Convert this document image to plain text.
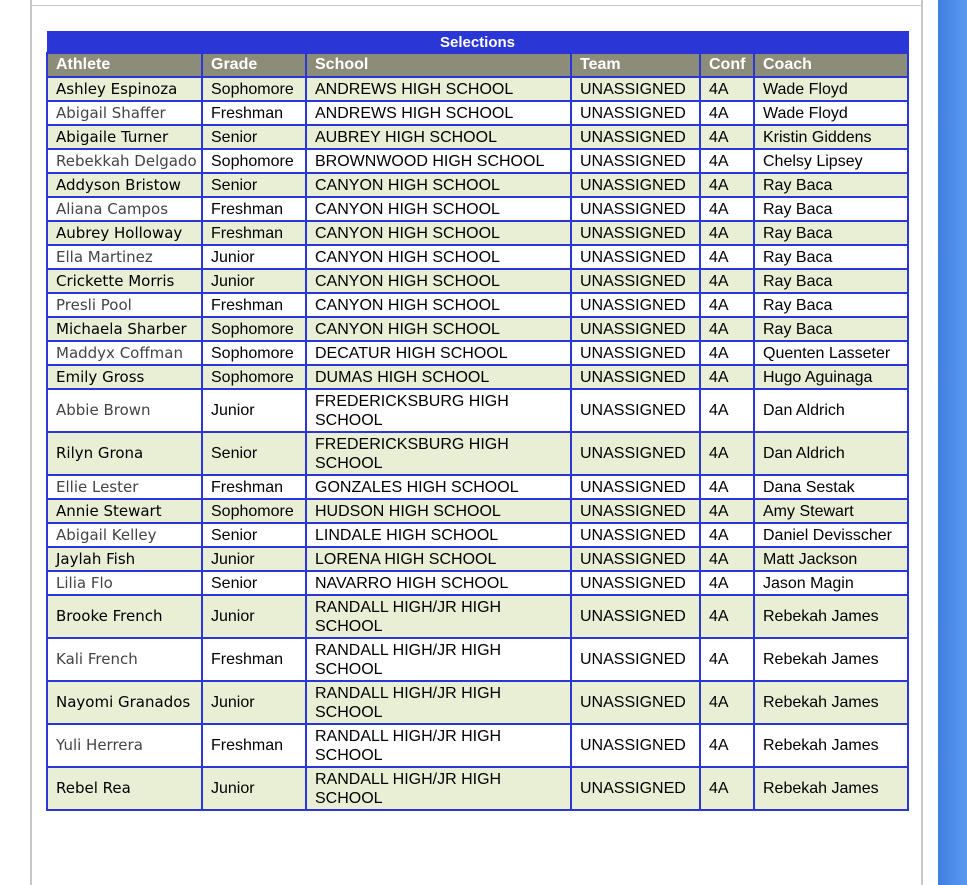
Selections					
Athlete	Grade	School	Team	Conf	Coach
Ashley Espinoza	Sophomore	ANDREWS HIGH SCHOOL	UNASSIGNED	4A	Wade Floyd
Abigail Shaffer	Freshman	ANDREWS HIGH SCHOOL	UNASSIGNED	4A	Wade Floyd
Abigaile Turner	Senior	AUBREY HIGH SCHOOL	UNASSIGNED	4A	Kristin Giddens
Rebekkah Delgado	Sophomore	BROWNWOOD HIGH SCHOOL	UNASSIGNED	4A	Chelsy Lipsey
Addyson Bristow	Senior	CANYON HIGH SCHOOL	UNASSIGNED	4A	Ray Baca
Aliana Campos	Freshman	CANYON HIGH SCHOOL	UNASSIGNED	4A	Ray Baca
Aubrey Holloway	Freshman	CANYON HIGH SCHOOL	UNASSIGNED	4A	Ray Baca
Ella Martinez	Junior	CANYON HIGH SCHOOL	UNASSIGNED	4A	Ray Baca
Crickette Morris	Junior	CANYON HIGH SCHOOL	UNASSIGNED	4A	Ray Baca
Presli Pool	Freshman	CANYON HIGH SCHOOL	UNASSIGNED	4A	Ray Baca
Michaela Sharber	Sophomore	CANYON HIGH SCHOOL	UNASSIGNED	4A	Ray Baca
Maddyx Coffman	Sophomore	DECATUR HIGH SCHOOL	UNASSIGNED	4A	Quenten Lasseter
Emily Gross	Sophomore	DUMAS HIGH SCHOOL	UNASSIGNED	4A	Hugo Aguinaga
Abbie Brown	Junior	FREDERICKSBURG HIGH SCHOOL	UNASSIGNED	4A	Dan Aldrich
Rilyn Grona	Senior	FREDERICKSBURG HIGH SCHOOL	UNASSIGNED	4A	Dan Aldrich
Ellie Lester	Freshman	GONZALES HIGH SCHOOL	UNASSIGNED	4A	Dana Sestak
Annie Stewart	Sophomore	HUDSON HIGH SCHOOL	UNASSIGNED	4A	Amy Stewart
Abigail Kelley	Senior	LINDALE HIGH SCHOOL	UNASSIGNED	4A	Daniel Devisscher
Jaylah Fish	Junior	LORENA HIGH SCHOOL	UNASSIGNED	4A	Matt Jackson
Lilia Flo	Senior	NAVARRO HIGH SCHOOL	UNASSIGNED	4A	Jason Magin
Brooke French	Junior	RANDALL HIGH/JR HIGH SCHOOL	UNASSIGNED	4A	Rebekah James
Kali French	Freshman	RANDALL HIGH/JR HIGH SCHOOL	UNASSIGNED	4A	Rebekah James
Nayomi Granados	Junior	RANDALL HIGH/JR HIGH SCHOOL	UNASSIGNED	4A	Rebekah James
Yuli Herrera	Freshman	RANDALL HIGH/JR HIGH SCHOOL	UNASSIGNED	4A	Rebekah James
Rebel Rea	Junior	RANDALL HIGH/JR HIGH SCHOOL	UNASSIGNED	4A	Rebekah James
